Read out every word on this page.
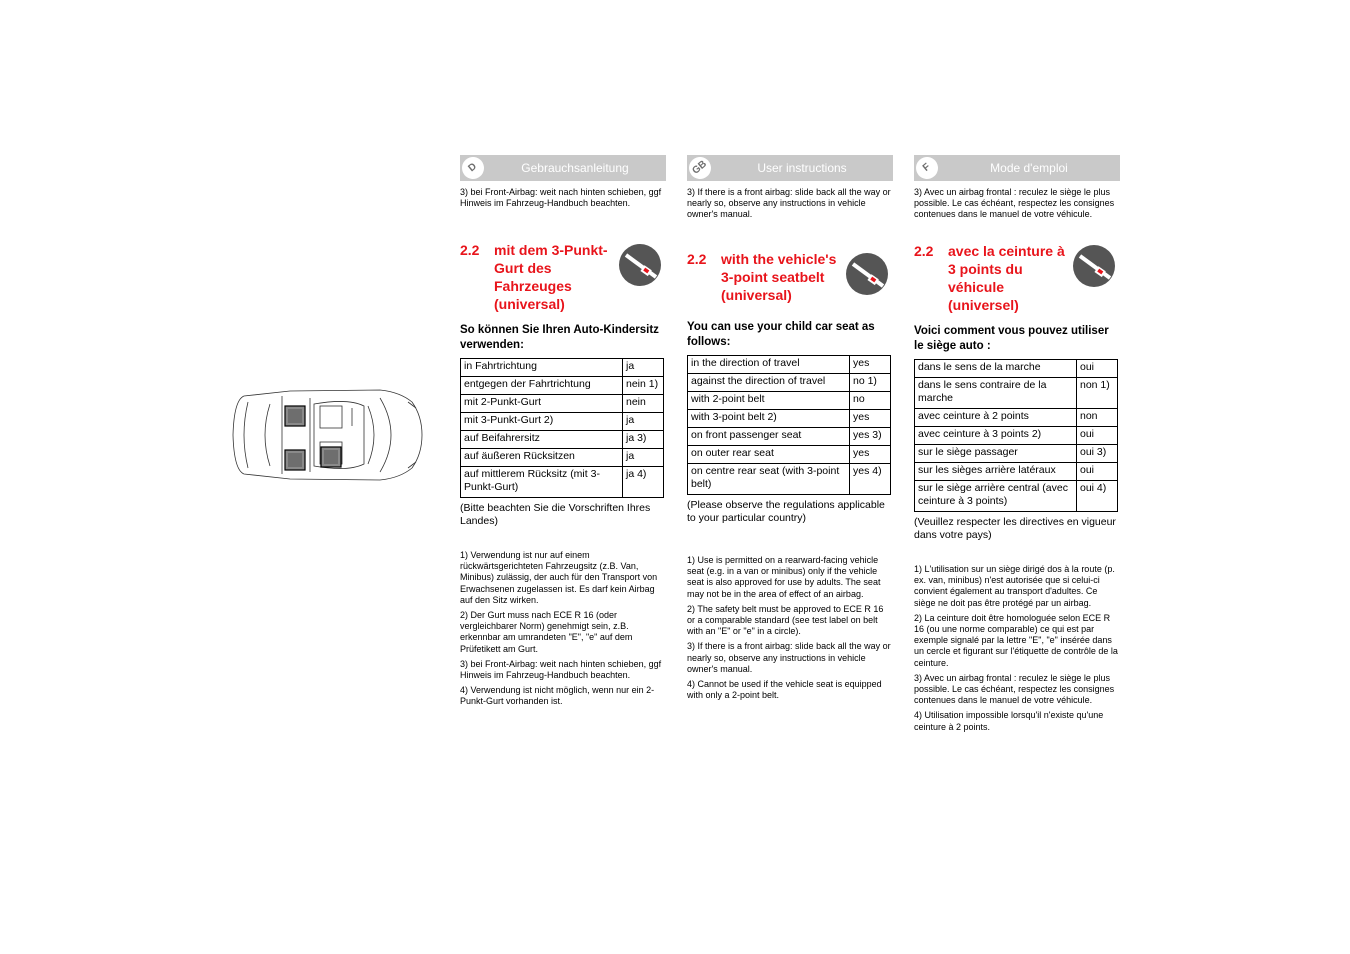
D	Gebrauchsanleitung
3) bei Front-Airbag: weit nach hinten schieben, ggf Hinweis im Fahrzeug-Handbuch beachten.
2.2 mit dem 3-Punkt-Gurt des Fahrzeuges (universal)
So können Sie Ihren Auto-Kindersitz verwenden:
in Fahrtrichtung	ja
entgegen der Fahrtrichtung	nein 1)
mit 2-Punkt-Gurt	nein
mit 3-Punkt-Gurt 2)	ja
auf Beifahrersitz	ja 3)
auf äußeren Rücksitzen	ja
auf mittlerem Rücksitz (mit 3-Punkt-Gurt)	ja 4)
(Bitte beachten Sie die Vorschriften Ihres Landes)

1) Verwendung ist nur auf einem rückwärtsgerichteten Fahrzeugsitz (z.B. Van, Minibus) zulässig, der auch für den Transport von Erwachsenen zugelassen ist. Es darf kein Airbag auf den Sitz wirken.

2) Der Gurt muss nach ECE R 16 (oder vergleichbarer Norm) genehmigt sein, z.B. erkennbar am umrandeten "E", "e" auf dem Prüfetikett am Gurt.

3) bei Front-Airbag: weit nach hinten schieben, ggf Hinweis im Fahrzeug-Handbuch beachten.

4) Verwendung ist nicht möglich, wenn nur ein 2-Punkt-Gurt vorhanden ist.

GB	User instructions
3) If there is a front airbag: slide back all the way or nearly so, observe any instructions in vehicle owner's manual.
2.2 with the vehicle's 3-point seatbelt (universal)
You can use your child car seat as follows:
in the direction of travel	yes
against the direction of travel	no 1)
with 2-point belt	no
with 3-point belt 2)	yes
on front passenger seat	yes 3)
on outer rear seat	yes
on centre rear seat (with 3-point belt)	yes 4)
(Please observe the regulations applicable to your particular country)

1) Use is permitted on a rearward-facing vehicle seat (e.g. in a van or minibus) only if the vehicle seat is also approved for use by adults. The seat may not be in the area of effect of an airbag.

2) The safety belt must be approved to ECE R 16 or a comparable standard (see test label on belt with an "E" or "e" in a circle).

3) If there is a front airbag: slide back all the way or nearly so, observe any instructions in vehicle owner's manual.

4) Cannot be used if the vehicle seat is equipped with only a 2-point belt.

F	Mode d'emploi
3) Avec un airbag frontal : reculez le siège le plus possible. Le cas échéant, respectez les consignes contenues dans le manuel de votre véhicule.
2.2 avec la ceinture à 3 points du véhicule (universel)
Voici comment vous pouvez utiliser le siège auto :
dans le sens de la marche	oui
dans le sens contraire de la marche	non 1)
avec ceinture à 2 points	non
avec ceinture à 3 points 2)	oui
sur le siège passager	oui 3)
sur les sièges arrière latéraux	oui
sur le siège arrière central (avec ceinture à 3 points)	oui 4)
(Veuillez respecter les directives en vigueur dans votre pays)

1) L'utilisation sur un siège dirigé dos à la route (p. ex. van, minibus) n'est autorisée que si celui-ci convient également au transport d'adultes. Ce siège ne doit pas être protégé par un airbag.

2) La ceinture doit être homologuée selon ECE R 16 (ou une norme comparable) ce qui est par exemple signalé par la lettre "E", "e" insérée dans un cercle et figurant sur l'étiquette de contrôle de la ceinture.

3) Avec un airbag frontal : reculez le siège le plus possible. Le cas échéant, respectez les consignes contenues dans le manuel de votre véhicule.

4) Utilisation impossible lorsqu'il n'existe qu'une ceinture à 2 points.
